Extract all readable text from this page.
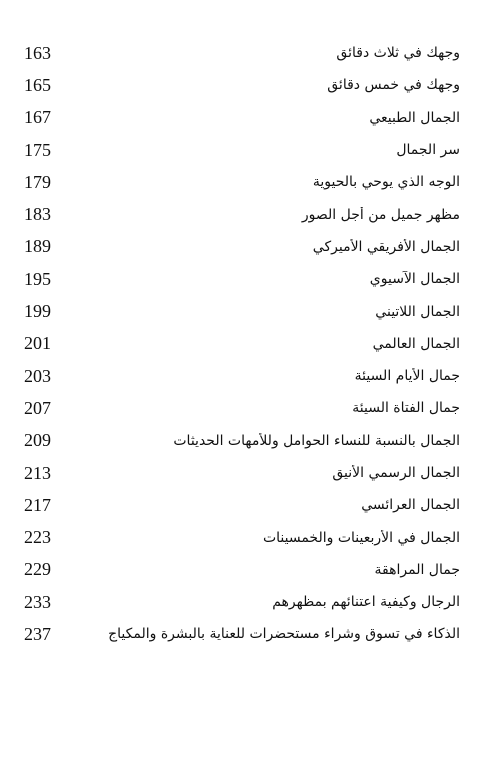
163	وجهك في ثلاث دقائق
165	وجهك في خمس دقائق
167	الجمال الطبيعي
175	سر الجمال
179	الوجه الذي يوحي بالحيوية
183	مظهر جميل من أجل الصور
189	الجمال الأفريقي الأميركي
195	الجمال الآسيوي
199	الجمال اللاتيني
201	الجمال العالمي
203	جمال الأيام السيئة
207	جمال الفتاة السيئة
209	الجمال بالنسبة للنساء الحوامل وللأمهات الحديثات
213	الجمال الرسمي الأنيق
217	الجمال العرائسي
223	الجمال في الأربعينات والخمسينات
229	جمال المراهقة
233	الرجال وكيفية اعتنائهم بمظهرهم
237	الذكاء في تسوق وشراء مستحضرات للعناية بالبشرة والمكياج
